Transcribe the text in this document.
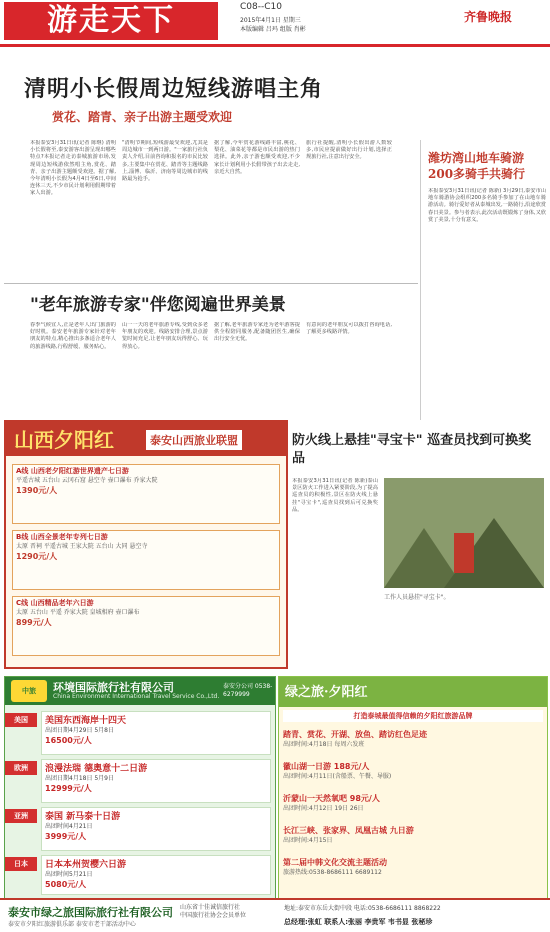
游走天下	C08--C10
2015年4月1日 星期三
本版编辑 吕玛 组版 肖彬
齐鲁晚报
清明小长假周边短线游唱主角
赏花、踏青、亲子出游主题受欢迎
本报泰安3月31日讯(记者 陈继) 清明小长假将至,泰安游客出游呈现出哪些特点?本报记者走访泰城旅游市场,发现周边短线游依然唱主角,赏花、踏青、亲子出游主题颇受欢迎。据了解,今年清明小长假为4月4日至6日,中间连休三天,不少市民计划利用假期带着家人出游。
"清明节期间,短线游最受欢迎,尤其是周边城市一到两日游。"一家旅行社负责人介绍,目前咨询和报名的市民比较多,主要集中在赏花、踏青等主题线路上,淄博、临沂、济南等周边城市的线路最为抢手。
据了解,今年赏花游线路丰富,桃花、梨花、油菜花等都是市民出游的热门选择。此外,亲子游也颇受欢迎,不少家长计划利用小长假带孩子出去走走,亲近大自然。
旅行社提醒,清明小长假出游人数较多,市民应提前做好出行计划,选择正规旅行社,注意出行安全。	潍坊湾山地车骑游200多骑手共骑行
本报泰安3月31日讯(记者 陈新) 3月29日,泰安市山地车骑游协会组织200多名骑手参加了在山地车骑游活动。骑行爱好者从泰城出发,一路骑行,沿途欣赏春日美景。参与者表示,此次活动既锻炼了身体,又欣赏了美景,十分有意义。
"老年旅游专家"伴您阅遍世界美景
春季气候宜人,正是老年人出门旅游的好时机。泰安老年旅游专家针对老年朋友的特点,精心推出多条适合老年人的旅游线路,行程舒缓、服务贴心。
山一一天的老年旅游专线,受到众多老年朋友的欢迎。线路安排合理,景点游览时间充足,让老年朋友玩得舒心、玩得放心。
据了解,老年旅游专家还为老年游客提供全程陪同服务,配备随团医生,确保出行安全无忧。
有意向的老年朋友可以拨打咨询电话,了解更多线路详情。
山西夕阳红	泰安山西旅业联盟
A线 山西老夕阳红游世界遗产七日游
平遥古城 五台山 云冈石窟 悬空寺 壶口瀑布 乔家大院
1390元/人
B线 山西全景老年专列七日游
太原 晋祠 平遥古城 王家大院 五台山 大同 悬空寺
1290元/人
C线 山西精品老年六日游
太原 五台山 平遥 乔家大院 皇城相府 壶口瀑布
899元/人
防火线上悬挂"寻宝卡" 巡查员找到可换奖品
本报泰安3月31日讯(记者 陈新)泰山景区防火工作进入紧要阶段,为了提高巡查员的积极性,景区在防火线上悬挂"寻宝卡",巡查员找到后可兑换奖品。
工作人员悬挂"寻宝卡"。
中旅	环境国际旅行社有限公司
China Environment International Travel Service Co.,Ltd.
泰安分公司 0538-6279999
美国	美国东西海岸十四天
出团日期4月29日 5月8日
16500元/人
欧洲	浪漫法瑞 德奥意十二日游
出团日期4月18日 5月9日
12999元/人
亚洲	泰国 新马泰十日游
出团时间4月21日
3999元/人
日本	日本本州贺樱六日游
出团时间5月21日
5080元/人
绿之旅·夕阳红
打造泰城最值得信赖的夕阳红旅游品牌
踏青、赏花、开湖、放鱼、踏访红色足迹
出团时间:4月18日 每周六发班
徽山湖一日游 188元/人
出团时间:4月11日(含船票、午餐、导服)
沂蒙山一天然氧吧 98元/人
出团时间:4月12日 19日 26日
长江三峡、张家界、凤凰古城 九日游
出团时间:4月15日
第二届中韩文化交流主题活动
旅游热线:0538-8686111 6689112
泰安市绿之旅国际旅行社有限公司
泰安市夕阳红旅游俱乐部 泰安市老干部活动中心
山东省十佳诚信旅行社
中国旅行社协会会员单位
地址:泰安市东岳大街中段 电话:0538-6686111 8868222
总经理:张虹 联系人:张丽 李贵军 韦书显 张秘珍
